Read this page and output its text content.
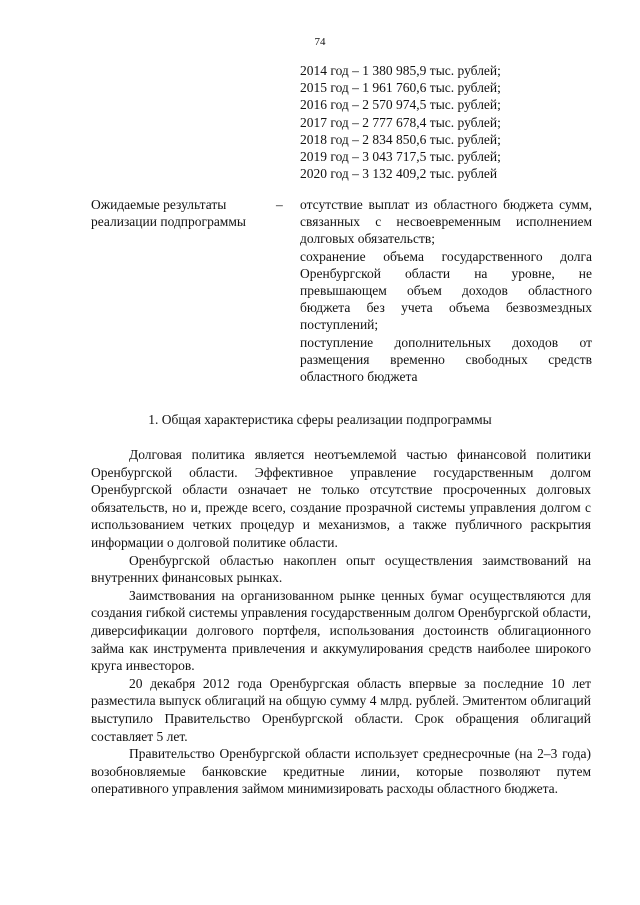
74
2014 год – 1 380 985,9 тыс. рублей;
2015 год – 1 961 760,6 тыс. рублей;
2016 год – 2 570 974,5 тыс. рублей;
2017 год – 2 777 678,4 тыс. рублей;
2018 год – 2 834 850,6 тыс. рублей;
2019 год – 3 043 717,5 тыс. рублей;
2020 год – 3 132 409,2 тыс. рублей
Ожидаемые результаты реализации подпрограммы
– отсутствие выплат из областного бюджета сумм, связанных с несвоевременным исполнением долговых обязательств;

сохранение объема государственного долга Оренбургской области на уровне, не превышающем объем доходов областного бюджета без учета объема безвозмездных поступлений;

поступление дополнительных доходов от размещения временно свободных средств областного бюджета

1. Общая характеристика сферы реализации подпрограммы

Долговая политика является неотъемлемой частью финансовой политики Оренбургской области. Эффективное управление государственным долгом Оренбургской области означает не только отсутствие просроченных долговых обязательств, но и, прежде всего, создание прозрачной системы управления долгом с использованием четких процедур и механизмов, а также публичного раскрытия информации о долговой политике области.

Оренбургской областью накоплен опыт осуществления заимствований на внутренних финансовых рынках.

Заимствования на организованном рынке ценных бумаг осуществляются для создания гибкой системы управления государственным долгом Оренбургской области, диверсификации долгового портфеля, использования достоинств облигационного займа как инструмента привлечения и аккумулирования средств наиболее широкого круга инвесторов.

20 декабря 2012 года Оренбургская область впервые за последние 10 лет разместила выпуск облигаций на общую сумму 4 млрд. рублей. Эмитентом облигаций выступило Правительство Оренбургской области. Срок обращения облигаций составляет 5 лет.

Правительство Оренбургской области использует среднесрочные (на 2–3 года) возобновляемые банковские кредитные линии, которые позволяют путем оперативного управления займом минимизировать расходы областного бюджета.
